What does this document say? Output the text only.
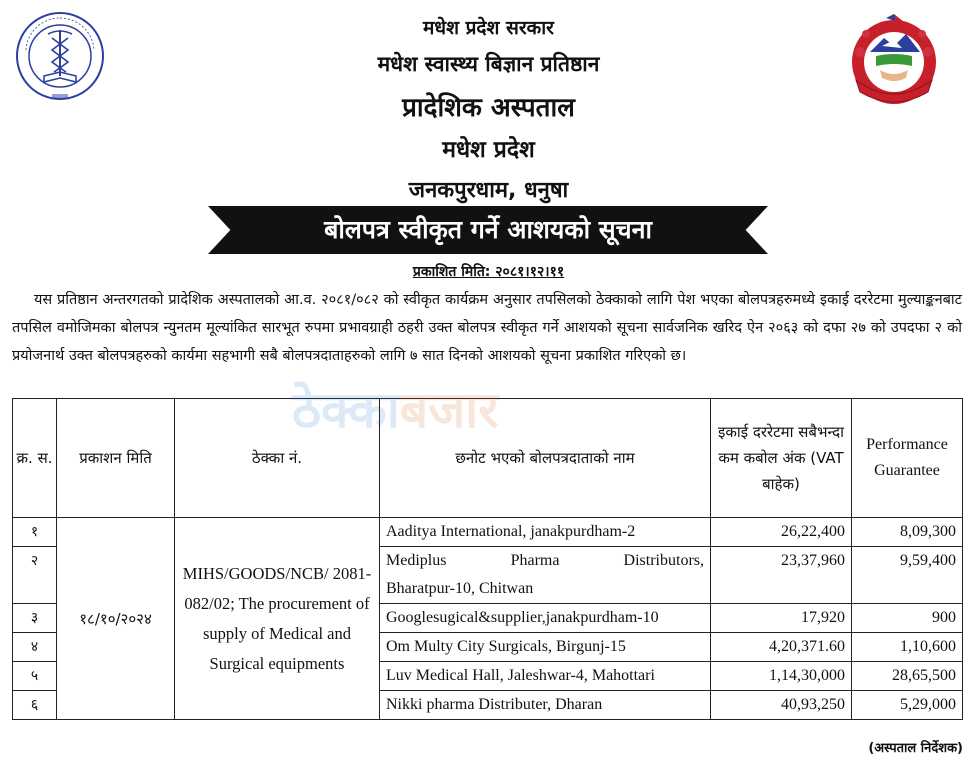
मधेश प्रदेश सरकार
मधेश स्वास्थ्य बिज्ञान प्रतिष्ठान
प्रादेशिक अस्पताल
मधेश प्रदेश
जनकपुरधाम, धनुषा
बोलपत्र स्वीकृत गर्ने आशयको सूचना
प्रकाशित मिति: २०८१।१२।११
यस प्रतिष्ठान अन्तरगतको प्रादेशिक अस्पतालको आ.व. २०८१/०८२ को स्वीकृत कार्यक्रम अनुसार तपसिलको ठेक्काको लागि पेश भएका बोलपत्रहरुमध्ये इकाई दररेटमा मुल्याङ्कनबाट तपसिल वमोजिमका बोलपत्र न्युनतम मूल्यांकित सारभूत रुपमा प्रभावग्राही ठहरी उक्त बोलपत्र स्वीकृत गर्ने आशयको सूचना सार्वजनिक खरिद ऐन २०६३ को दफा २७ को उपदफा २ को प्रयोजनार्थ उक्त बोलपत्रहरुको कार्यमा सहभागी सबै बोलपत्रदाताहरुको लागि ७ सात दिनको आशयको सूचना प्रकाशित गरिएको छ।
क्र. स.	प्रकाशन मिति	ठेक्का नं.	छनोट भएको बोलपत्रदाताको नाम	इकाई दररेटमा सबैभन्दा कम कबोल अंक (VAT बाहेक)	Performance Guarantee
१	१८/१०/२०२४	MIHS/GOODS/NCB/ 2081-082/02; The procurement of supply of Medical and Surgical equipments	Aaditya International, janakpurdham-2	26,22,400	8,09,300
२			Mediplus Pharma Distributors,
Bharatpur-10, Chitwan	23,37,960	9,59,400
३			Googlesugical&supplier,janakpurdham-10	17,920	900
४			Om Multy City Surgicals, Birgunj-15	4,20,371.60	1,10,600
५			Luv Medical Hall, Jaleshwar-4, Mahottari	1,14,30,000	28,65,500
६			Nikki pharma Distributer, Dharan	40,93,250	5,29,000
ठेक्काबजार
(अस्पताल निर्देशक)
